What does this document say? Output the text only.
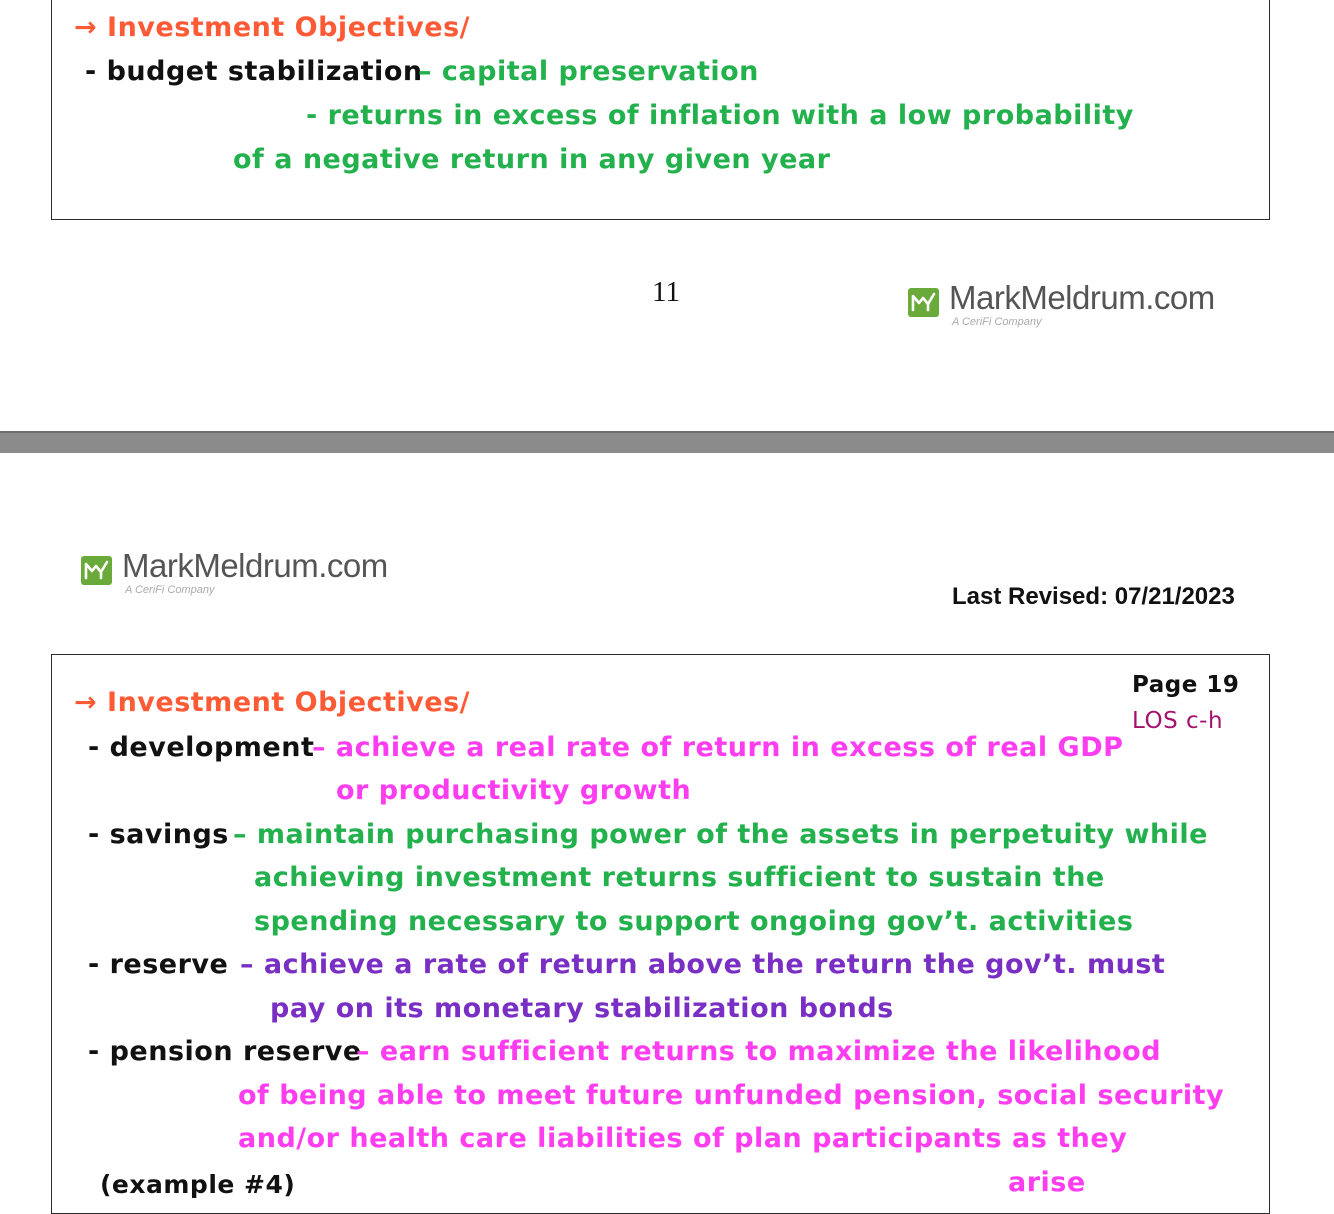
→ Investment Objectives/
- budget stabilization
– capital preservation
- returns in excess of inflation with a low probability
of a negative return in any given year
11	MarkMeldrum.com
A CeriFi Company
MarkMeldrum.com
A CeriFi Company	Last Revised: 07/21/2023
Page 19
LOS c-h
→ Investment Objectives/
- development
– achieve a real rate of return in excess of real GDP
or productivity growth
- savings – maintain purchasing power of the assets in perpetuity while
achieving investment returns sufficient to sustain the
spending necessary to support ongoing gov’t. activities
- reserve – achieve a rate of return above the return the gov’t. must
pay on its monetary stabilization bonds
- pension reserve
– earn sufficient returns to maximize the likelihood
of being able to meet future unfunded pension, social security
and/or health care liabilities of plan participants as they
arise
(example #4)
